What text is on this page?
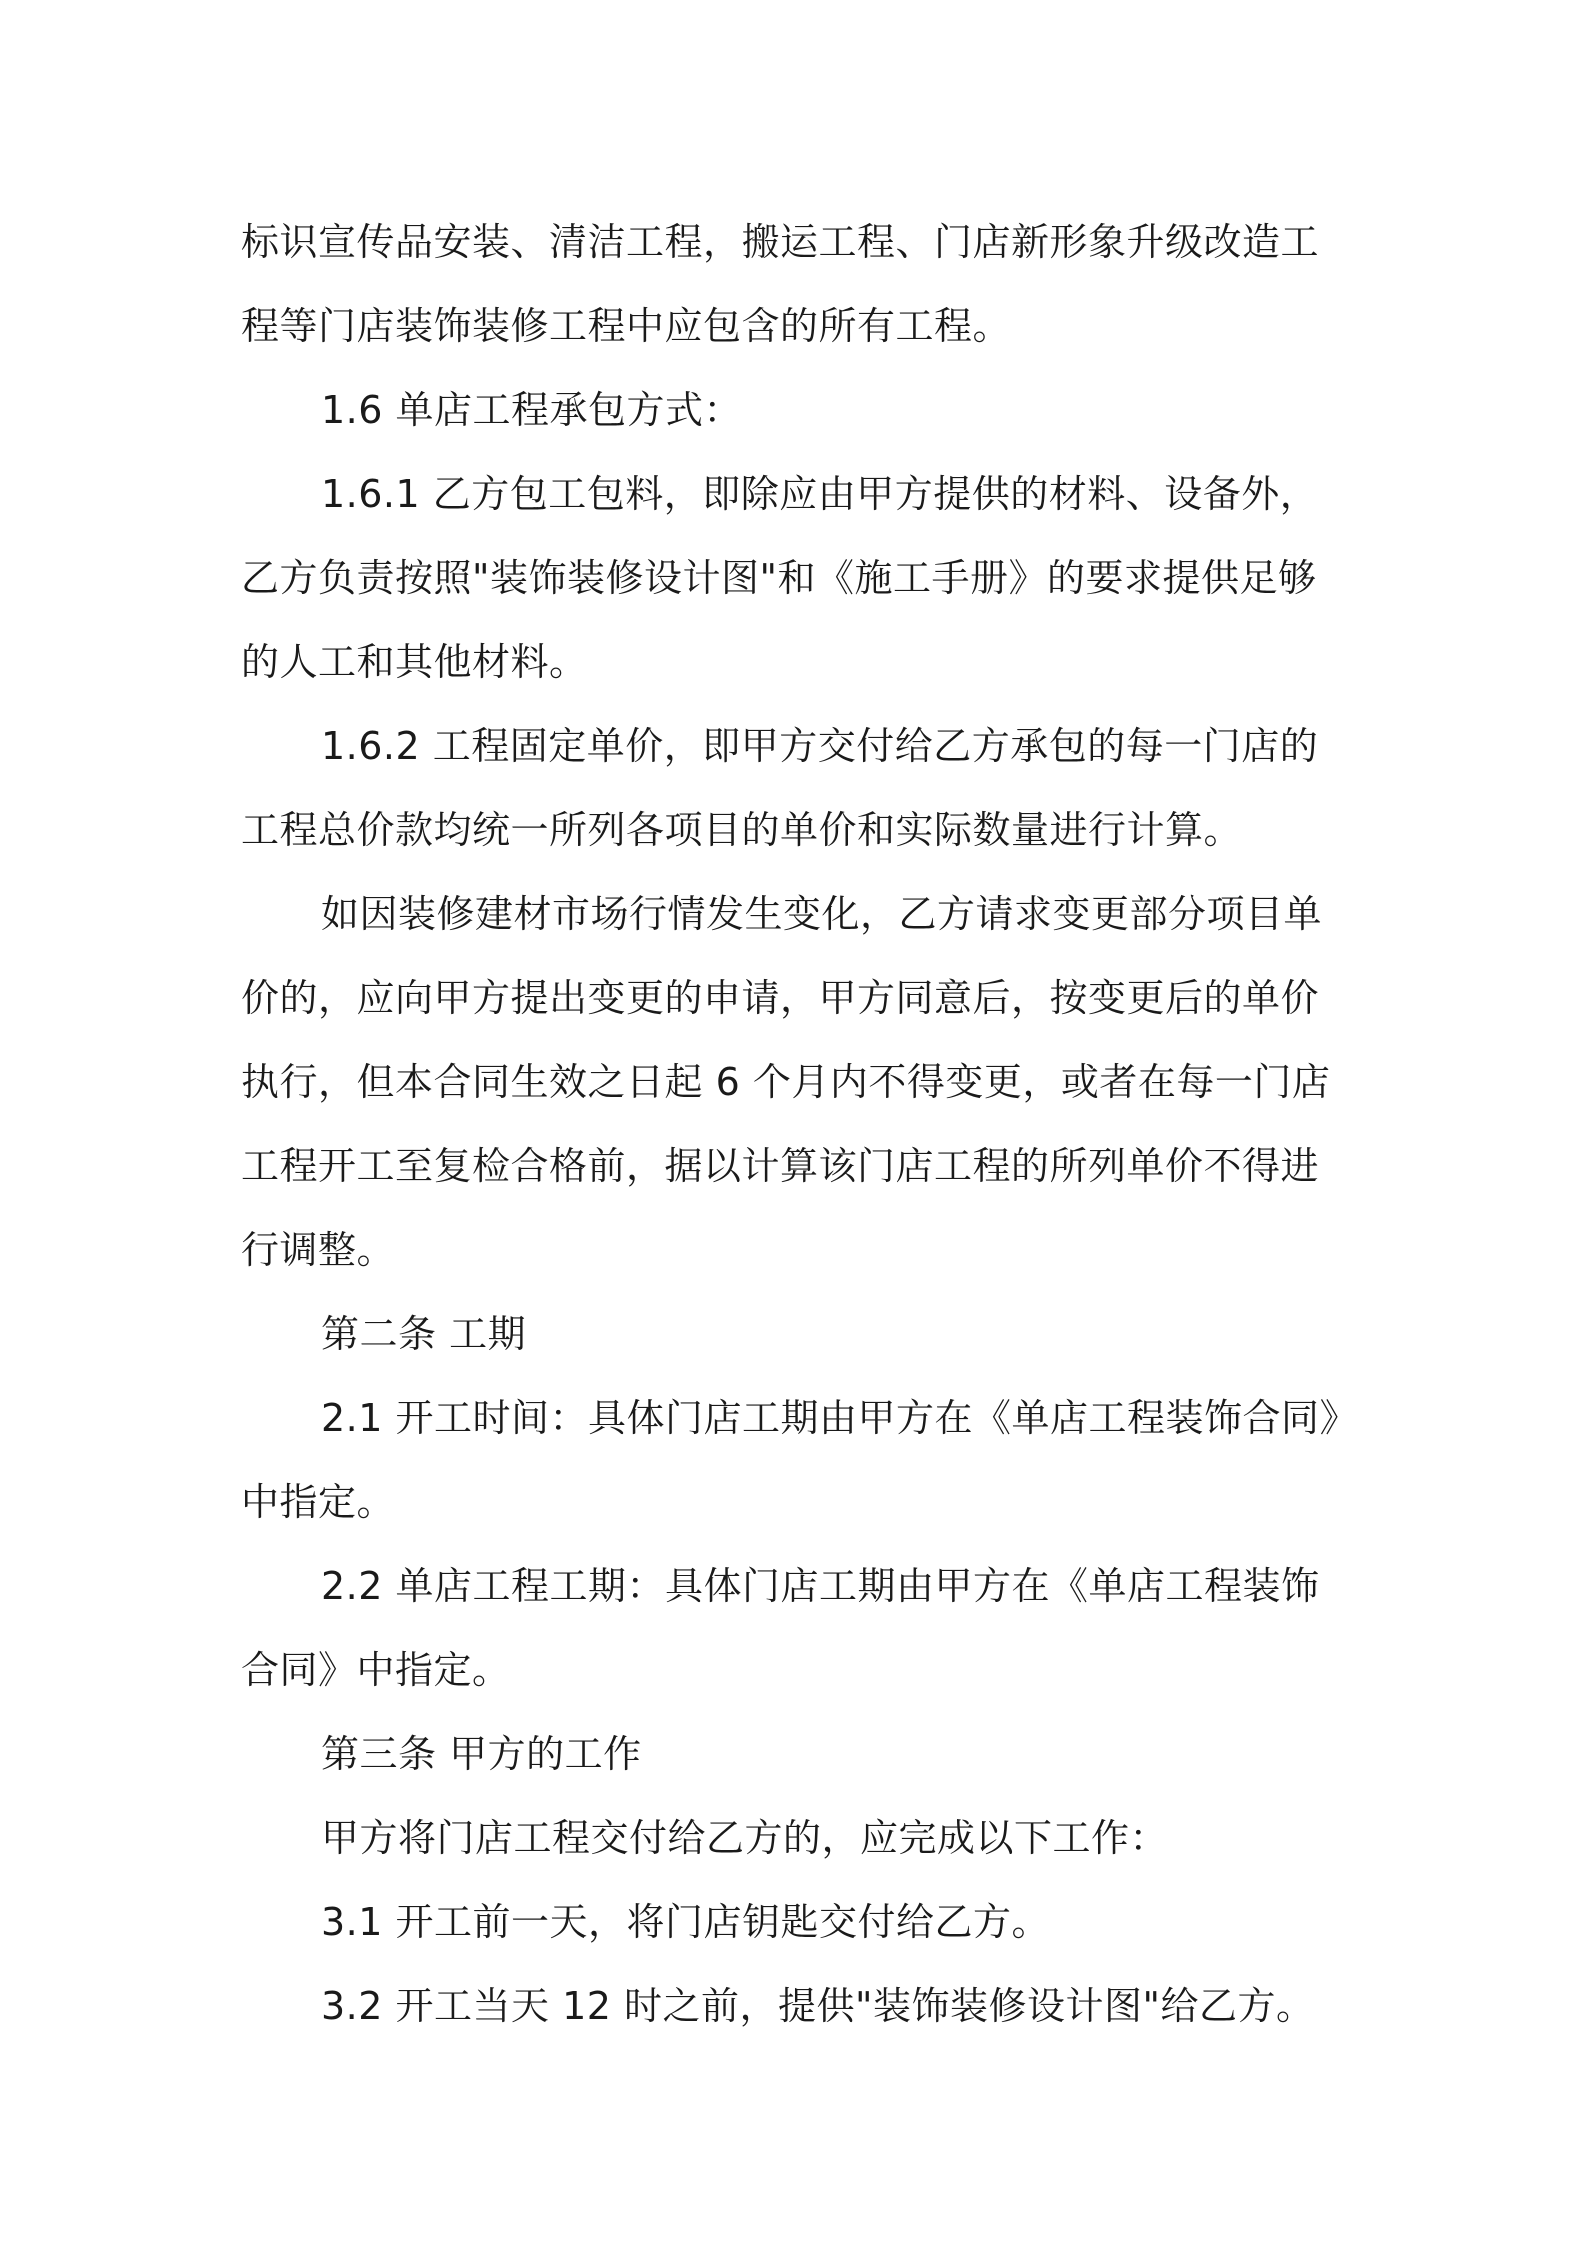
标识宣传品安装、清洁工程，搬运工程、门店新形象升级改造工
程等门店装饰装修工程中应包含的所有工程。

1.6 单店工程承包方式：

1.6.1 乙方包工包料，即除应由甲方提供的材料、设备外，
乙方负责按照"装饰装修设计图"和《施工手册》的要求提供足够
的人工和其他材料。

1.6.2 工程固定单价，即甲方交付给乙方承包的每一门店的
工程总价款均统一所列各项目的单价和实际数量进行计算。

如因装修建材市场行情发生变化，乙方请求变更部分项目单
价的，应向甲方提出变更的申请，甲方同意后，按变更后的单价
执行，但本合同生效之日起 6 个月内不得变更，或者在每一门店
工程开工至复检合格前，据以计算该门店工程的所列单价不得进
行调整。

第二条 工期

2.1 开工时间：具体门店工期由甲方在《单店工程装饰合同》
中指定。

2.2 单店工程工期：具体门店工期由甲方在《单店工程装饰
合同》中指定。

第三条 甲方的工作

甲方将门店工程交付给乙方的，应完成以下工作：

3.1 开工前一天，将门店钥匙交付给乙方。

3.2 开工当天 12 时之前，提供"装饰装修设计图"给乙方。
